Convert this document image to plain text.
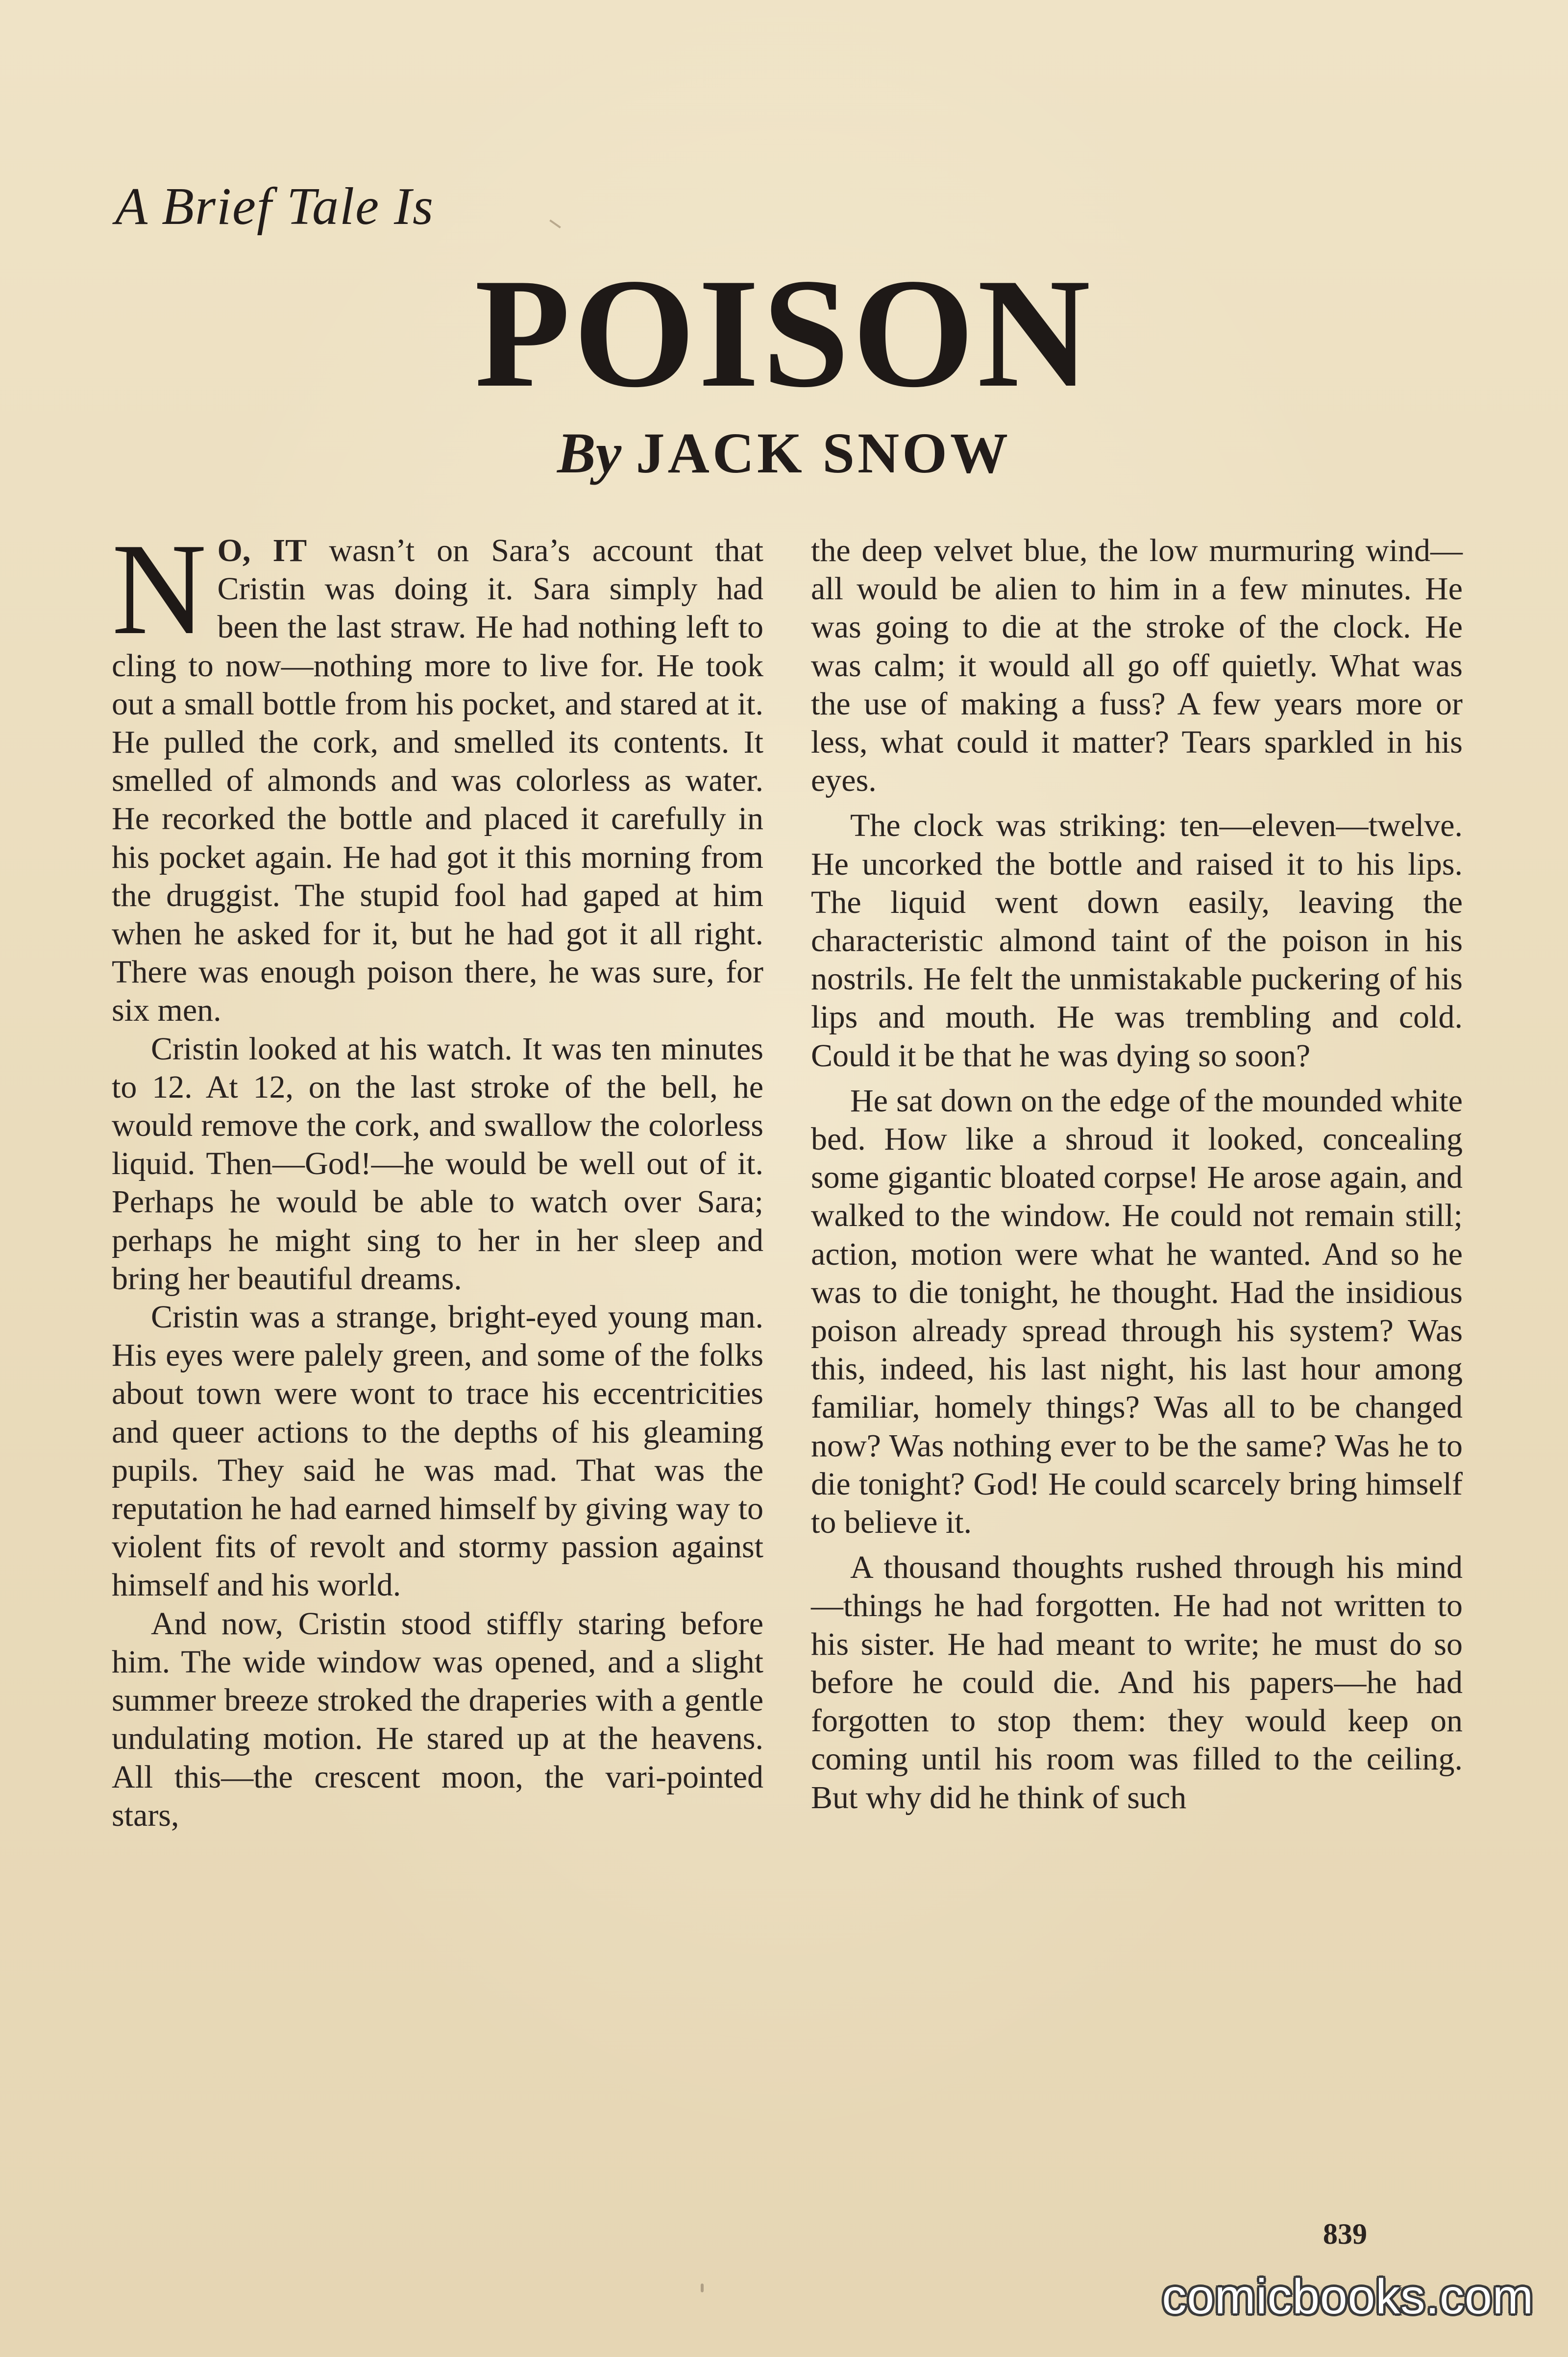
A Brief Tale Is
POISON
By JACK SNOW

N O, IT wasn’t on Sara’s account that Cristin was doing it. Sara simply had been the last straw. He had nothing left to cling to now—nothing more to live for. He took out a small bottle from his pocket, and stared at it. He pulled the cork, and smelled its contents. It smelled of almonds and was colorless as water. He recorked the bottle and placed it carefully in his pocket again. He had got it this morning from the druggist. The stupid fool had gaped at him when he asked for it, but he had got it all right. There was enough poison there, he was sure, for six men.

Cristin looked at his watch. It was ten minutes to 12. At 12, on the last stroke of the bell, he would remove the cork, and swallow the colorless liquid. Then—God!—he would be well out of it. Perhaps he would be able to watch over Sara; perhaps he might sing to her in her sleep and bring her beautiful dreams.

Cristin was a strange, bright-eyed young man. His eyes were palely green, and some of the folks about town were wont to trace his eccentricities and queer actions to the depths of his gleaming pupils. They said he was mad. That was the reputation he had earned himself by giving way to violent fits of revolt and stormy passion against himself and his world.

And now, Cristin stood stiffly staring before him. The wide window was opened, and a slight summer breeze stroked the draperies with a gentle undulating motion. He stared up at the heavens. All this—the crescent moon, the vari-pointed stars,

the deep velvet blue, the low murmuring wind—all would be alien to him in a few minutes. He was going to die at the stroke of the clock. He was calm; it would all go off quietly. What was the use of making a fuss? A few years more or less, what could it matter? Tears sparkled in his eyes.

The clock was striking: ten—eleven—twelve. He uncorked the bottle and raised it to his lips. The liquid went down easily, leaving the characteristic almond taint of the poison in his nostrils. He felt the unmistakable puckering of his lips and mouth. He was trembling and cold. Could it be that he was dying so soon?

He sat down on the edge of the mounded white bed. How like a shroud it looked, concealing some gigantic bloated corpse! He arose again, and walked to the window. He could not remain still; action, motion were what he wanted. And so he was to die tonight, he thought. Had the insidious poison already spread through his system? Was this, indeed, his last night, his last hour among familiar, homely things? Was all to be changed now? Was nothing ever to be the same? Was he to die tonight? God! He could scarcely bring himself to believe it.

A thousand thoughts rushed through his mind—things he had forgotten. He had not written to his sister. He had meant to write; he must do so before he could die. And his papers—he had forgotten to stop them: they would keep on coming until his room was filled to the ceiling. But why did he think of such

839
comicbooks.com
